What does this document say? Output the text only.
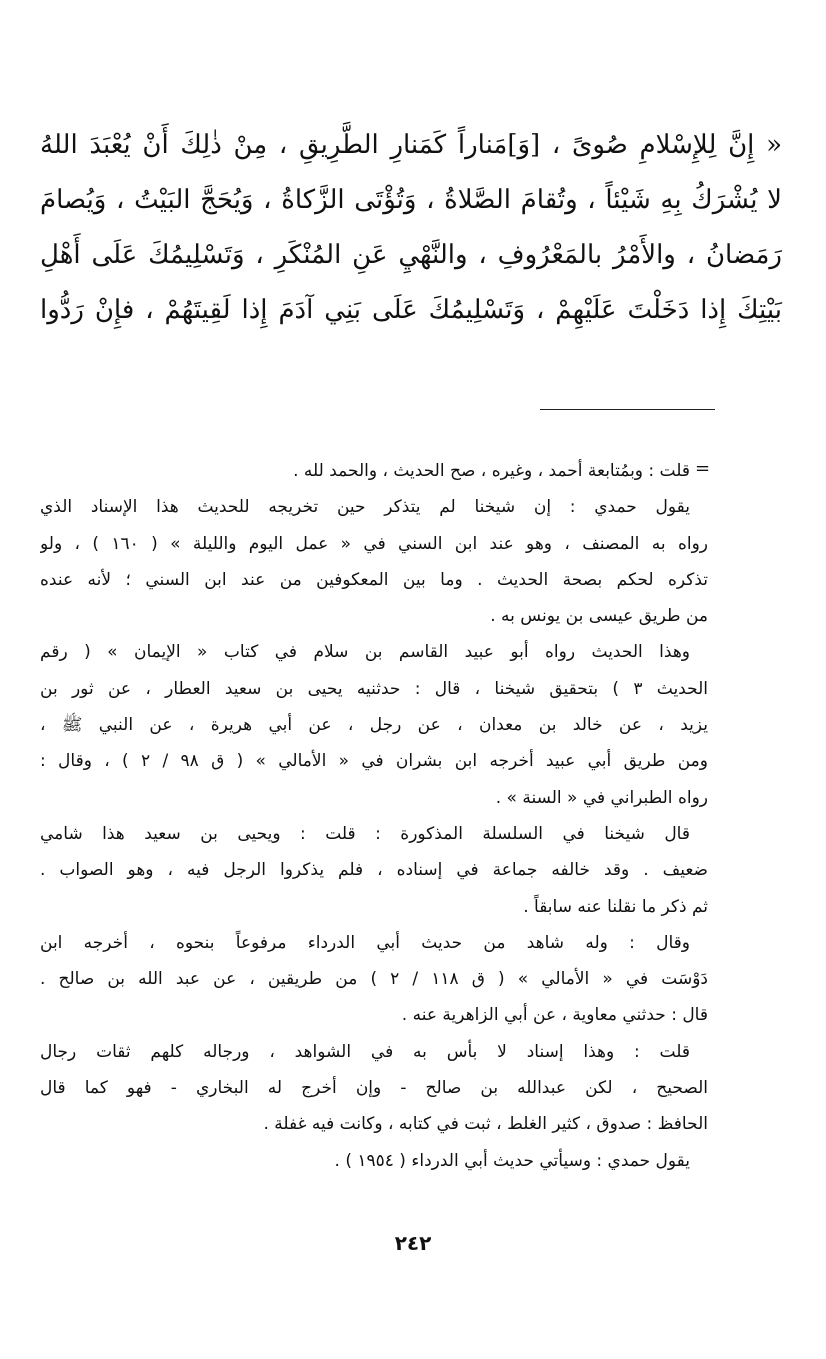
« إِنَّ لِلإِسْلامِ صُوىً ، [وَ]مَناراً كَمَنارِ الطَّرِيقِ ، مِنْ ذٰلِكَ أَنْ يُعْبَدَ اللهُ
لا يُشْرَكُ بِهِ شَيْئاً ، وتُقامَ الصَّلاةُ ، وَتُؤْتَى الزَّكاةُ ، وَيُحَجَّ البَيْتُ ، وَيُصامَ
رَمَضانُ ، والأَمْرُ بالمَعْرُوفِ ، والنَّهْيِ عَنِ المُنْكَرِ ، وَتَسْلِيمُكَ عَلَى أَهْلِ
بَيْتِكَ إِذا دَخَلْتَ عَلَيْهِمْ ، وَتَسْلِيمُكَ عَلَى بَنِي آدَمَ إِذا لَقِيتَهُمْ ، فإِنْ رَدُّوا
=
قلت : وبمُتابعة أحمد ، وغيره ، صح الحديث ، والحمد لله .
يقول حمدي : إن شيخنا لم يتذكر حين تخريجه للحديث هذا الإسناد الذي
رواه به المصنف ، وهو عند ابن السني في « عمل اليوم والليلة » ( ١٦٠ ) ، ولو
تذكره لحكم بصحة الحديث . وما بين المعكوفين من عند ابن السني ؛ لأنه عنده
من طريق عيسى بن يونس به .
وهذا الحديث رواه أبو عبيد القاسم بن سلام في كتاب « الإيمان » ( رقم
الحديث ٣ ) بتحقيق شيخنا ، قال : حدثنيه يحيى بن سعيد العطار ، عن ثور بن
يزيد ، عن خالد بن معدان ، عن رجل ، عن أبي هريرة ، عن النبي ﷺ ،
ومن طريق أبي عبيد أخرجه ابن بشران في « الأمالي » ( ق ٩٨ / ٢ ) ، وقال :
رواه الطبراني في « السنة » .
قال شيخنا في السلسلة المذكورة : قلت : ويحيى بن سعيد هذا شامي
ضعيف . وقد خالفه جماعة في إسناده ، فلم يذكروا الرجل فيه ، وهو الصواب .
ثم ذكر ما نقلنا عنه سابقاً .
وقال : وله شاهد من حديث أبي الدرداء مرفوعاً بنحوه ، أخرجه ابن
دَوْسَت في « الأمالي » ( ق ١١٨ / ٢ ) من طريقين ، عن عبد الله بن صالح .
قال : حدثني معاوية ، عن أبي الزاهرية عنه .
قلت : وهذا إسناد لا بأس به في الشواهد ، ورجاله كلهم ثقات رجال
الصحيح ، لكن عبدالله بن صالح - وإن أخرج له البخاري - فهو كما قال
الحافظ : صدوق ، كثير الغلط ، ثبت في كتابه ، وكانت فيه غفلة .
يقول حمدي : وسيأتي حديث أبي الدرداء ( ١٩٥٤ ) .
٢٤٢
